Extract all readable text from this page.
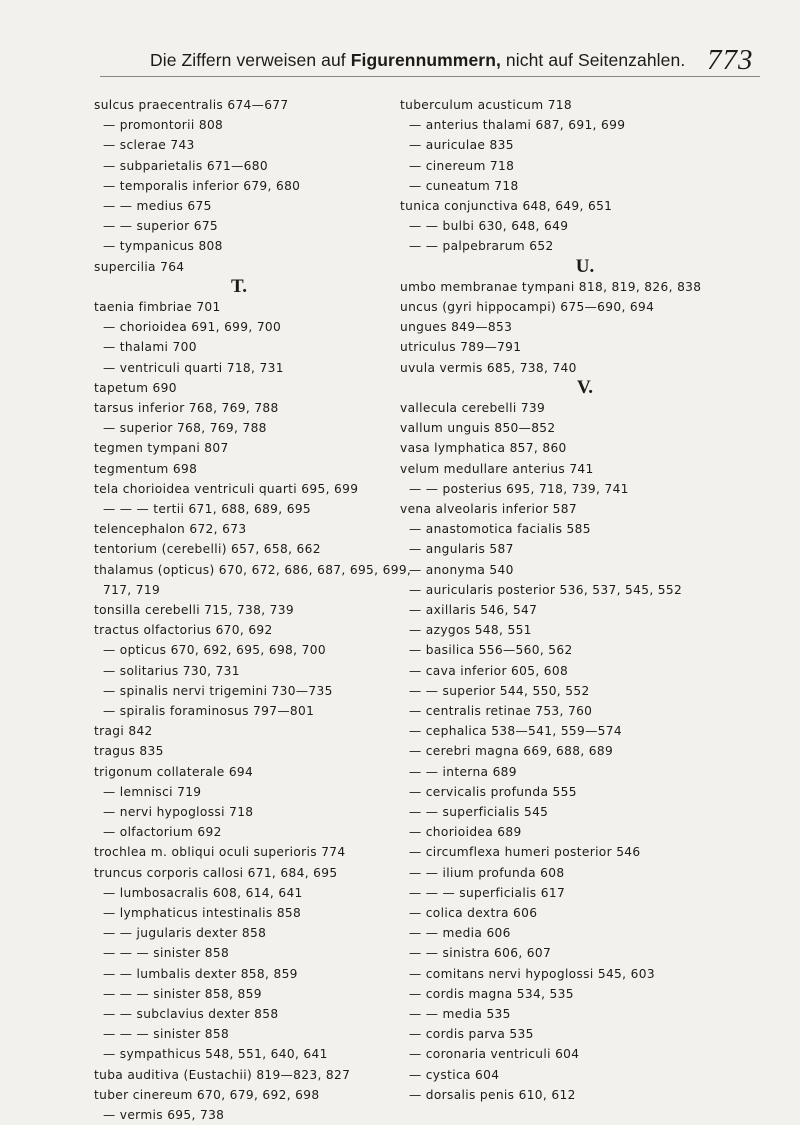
Die Ziffern verweisen auf Figurennummern, nicht auf Seitenzahlen. 773
sulcus praecentralis 674—677
— promontorii 808
— sclerae 743
— subparietalis 671—680
— temporalis inferior 679, 680
— — medius 675
— — superior 675
— tympanicus 808
supercilia 764
T.
taenia fimbriae 701
— chorioidea 691, 699, 700
— thalami 700
— ventriculi quarti 718, 731
tapetum 690
tarsus inferior 768, 769, 788
— superior 768, 769, 788
tegmen tympani 807
tegmentum 698
tela chorioidea ventriculi quarti 695, 699
— — — tertii 671, 688, 689, 695
telencephalon 672, 673
tentorium (cerebelli) 657, 658, 662
thalamus (opticus) 670, 672, 686, 687, 695, 699,
717, 719
tonsilla cerebelli 715, 738, 739
tractus olfactorius 670, 692
— opticus 670, 692, 695, 698, 700
— solitarius 730, 731
— spinalis nervi trigemini 730—735
— spiralis foraminosus 797—801
tragi 842
tragus 835
trigonum collaterale 694
— lemnisci 719
— nervi hypoglossi 718
— olfactorium 692
trochlea m. obliqui oculi superioris 774
truncus corporis callosi 671, 684, 695
— lumbosacralis 608, 614, 641
— lymphaticus intestinalis 858
— — jugularis dexter 858
— — — sinister 858
— — lumbalis dexter 858, 859
— — — sinister 858, 859
— — subclavius dexter 858
— — — sinister 858
— sympathicus 548, 551, 640, 641
tuba auditiva (Eustachii) 819—823, 827
tuber cinereum 670, 679, 692, 698
— vermis 695, 738
tuberculum acusticum 718
— anterius thalami 687, 691, 699
— auriculae 835
— cinereum 718
— cuneatum 718
tunica conjunctiva 648, 649, 651
— — bulbi 630, 648, 649
— — palpebrarum 652
U.
umbo membranae tympani 818, 819, 826, 838
uncus (gyri hippocampi) 675—690, 694
ungues 849—853
utriculus 789—791
uvula vermis 685, 738, 740
V.
vallecula cerebelli 739
vallum unguis 850—852
vasa lymphatica 857, 860
velum medullare anterius 741
— — posterius 695, 718, 739, 741
vena alveolaris inferior 587
— anastomotica facialis 585
— angularis 587
— anonyma 540
— auricularis posterior 536, 537, 545, 552
— axillaris 546, 547
— azygos 548, 551
— basilica 556—560, 562
— cava inferior 605, 608
— — superior 544, 550, 552
— centralis retinae 753, 760
— cephalica 538—541, 559—574
— cerebri magna 669, 688, 689
— — interna 689
— cervicalis profunda 555
— — superficialis 545
— chorioidea 689
— circumflexa humeri posterior 546
— — ilium profunda 608
— — — superficialis 617
— colica dextra 606
— — media 606
— — sinistra 606, 607
— comitans nervi hypoglossi 545, 603
— cordis magna 534, 535
— — media 535
— cordis parva 535
— coronaria ventriculi 604
— cystica 604
— dorsalis penis 610, 612
